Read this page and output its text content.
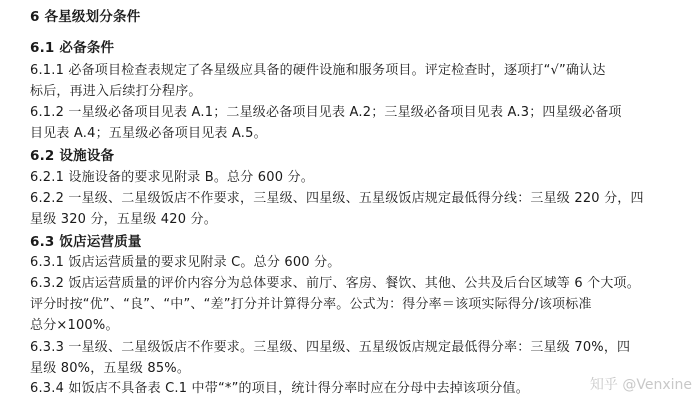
6 各星级划分条件
6.1 必备条件
6.1.1 必备项目检查表规定了各星级应具备的硬件设施和服务项目。评定检查时，逐项打“√”确认达
标后，再进入后续打分程序。
6.1.2 一星级必备项目见表 A.1；二星级必备项目见表 A.2；三星级必备项目见表 A.3；四星级必备项
目见表 A.4；五星级必备项目见表 A.5。
6.2 设施设备
6.2.1 设施设备的要求见附录 B。总分 600 分。
6.2.2 一星级、二星级饭店不作要求，三星级、四星级、五星级饭店规定最低得分线：三星级 220 分，四
星级 320 分，五星级 420 分。
6.3 饭店运营质量
6.3.1 饭店运营质量的要求见附录 C。总分 600 分。
6.3.2 饭店运营质量的评价内容分为总体要求、前厅、客房、餐饮、其他、公共及后台区域等 6 个大项。
评分时按“优”、“良”、“中”、“差”打分并计算得分率。公式为：得分率＝该项实际得分/该项标准
总分×100%。
6.3.3 一星级、二星级饭店不作要求。三星级、四星级、五星级饭店规定最低得分率：三星级 70%，四
星级 80%，五星级 85%。
6.3.4 如饭店不具备表 C.1 中带“*”的项目，统计得分率时应在分母中去掉该项分值。	知乎 @Venxine
